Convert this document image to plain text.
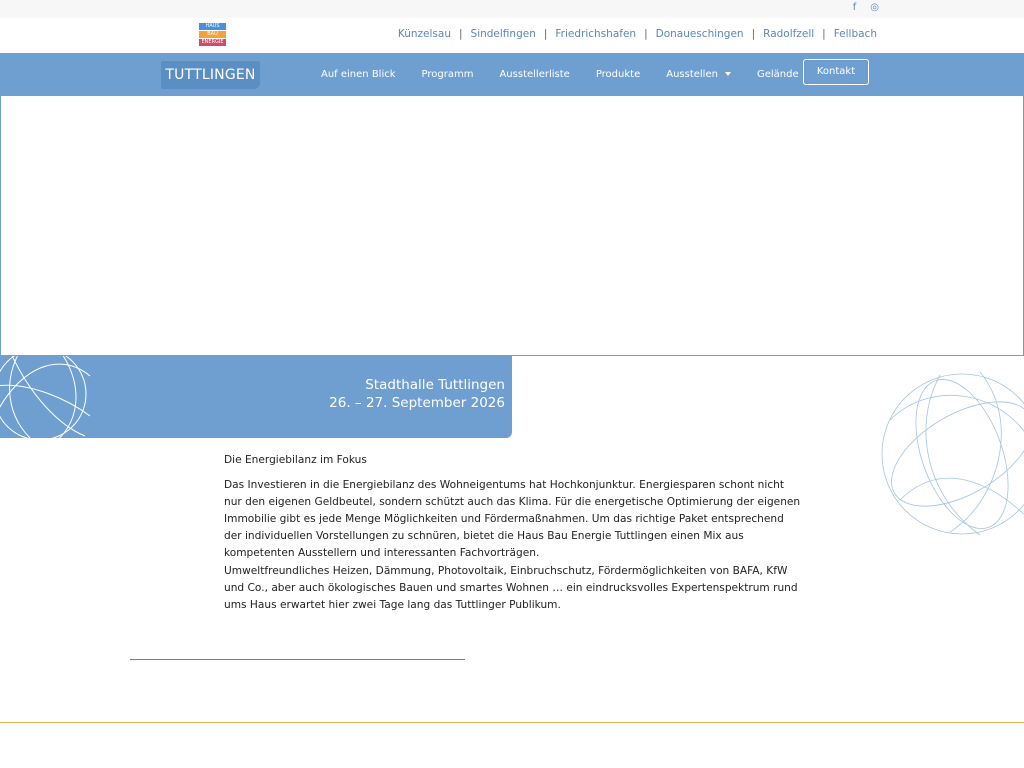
f ◎
HAUS
BAU
ENERGIE
Künzelsau | Sindelfingen | Friedrichshafen | Donaueschingen | Radolfzell | Fellbach
TUTTLINGEN	Auf einen Blick	Programm	Ausstellerliste	Produkte	Ausstellen	Gelände	Kontakt
Stadthalle Tuttlingen
26. – 27. September 2026
Die Energiebilanz im Fokus

Das Investieren in die Energiebilanz des Wohneigentums hat Hochkonjunktur. Energiesparen schont nicht nur den eigenen Geldbeutel, sondern schützt auch das Klima. Für die energetische Optimierung der eigenen Immobilie gibt es jede Menge Möglichkeiten und Fördermaßnahmen. Um das richtige Paket entsprechend der individuellen Vorstellungen zu schnüren, bietet die Haus Bau Energie Tuttlingen einen Mix aus kompetenten Ausstellern und interessanten Fachvorträgen.

Umweltfreundliches Heizen, Dämmung, Photovoltaik, Einbruchschutz, Fördermöglichkeiten von BAFA, KfW und Co., aber auch ökologisches Bauen und smartes Wohnen … ein eindrucksvolles Expertenspektrum rund ums Haus erwartet hier zwei Tage lang das Tuttlinger Publikum.
